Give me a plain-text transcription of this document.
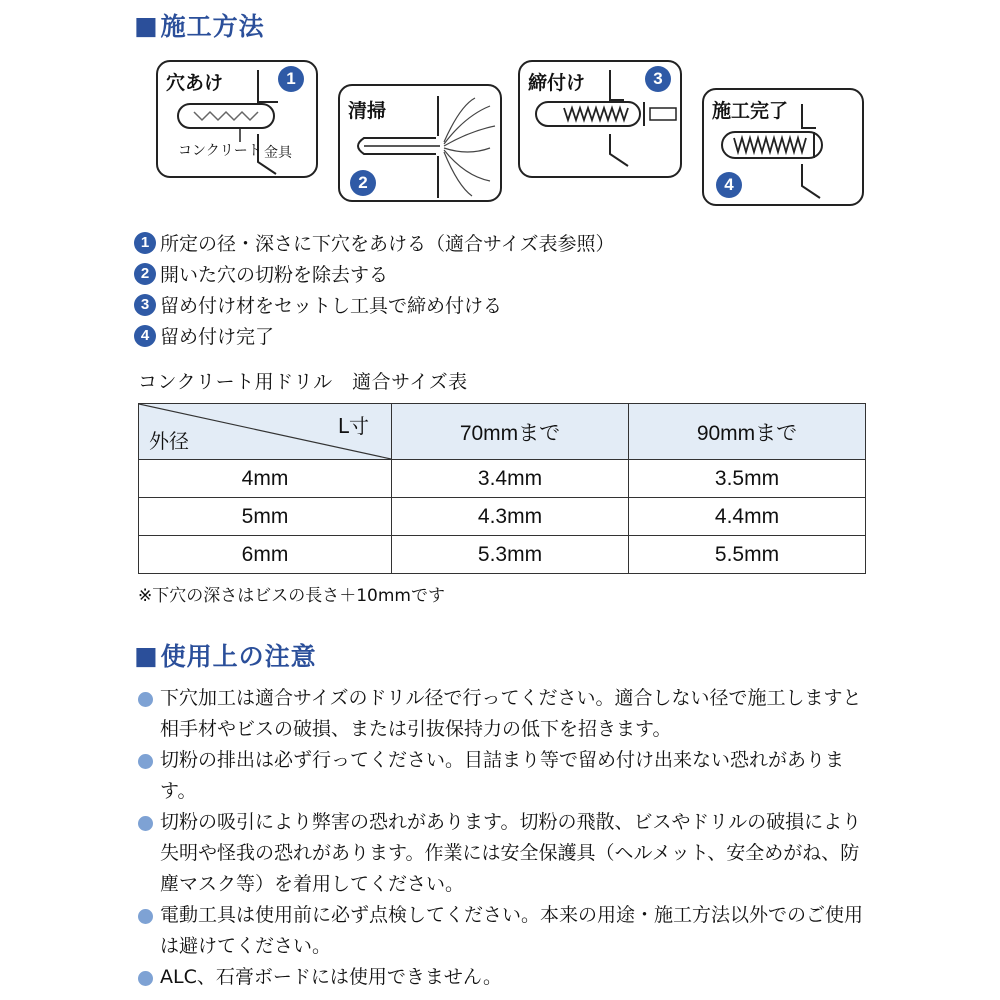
■ 施工方法
穴あけ
コンクリート 金具
1
清掃
2
締付け	3
施工完了
4
1 所定の径・深さに下穴をあける（適合サイズ表参照）
2 開いた穴の切粉を除去する
3 留め付け材をセットし工具で締め付ける
4 留め付け完了
コンクリート用ドリル　適合サイズ表
L寸
外径	70mmまで	90mmまで
4mm	3.4mm	3.5mm
5mm	4.3mm	4.4mm
6mm	5.3mm	5.5mm
※下穴の深さはビスの長さ＋10mmです
■ 使用上の注意
下穴加工は適合サイズのドリル径で行ってください。適合しない径で施工しますと相手材やビスの破損、または引抜保持力の低下を招きます。
切粉の排出は必ず行ってください。目詰まり等で留め付け出来ない恐れがあります。
切粉の吸引により弊害の恐れがあります。切粉の飛散、ビスやドリルの破損により失明や怪我の恐れがあります。作業には安全保護具（ヘルメット、安全めがね、防塵マスク等）を着用してください。
電動工具は使用前に必ず点検してください。本来の用途・施工方法以外でのご使用は避けてください。
ALC、石膏ボードには使用できません。
